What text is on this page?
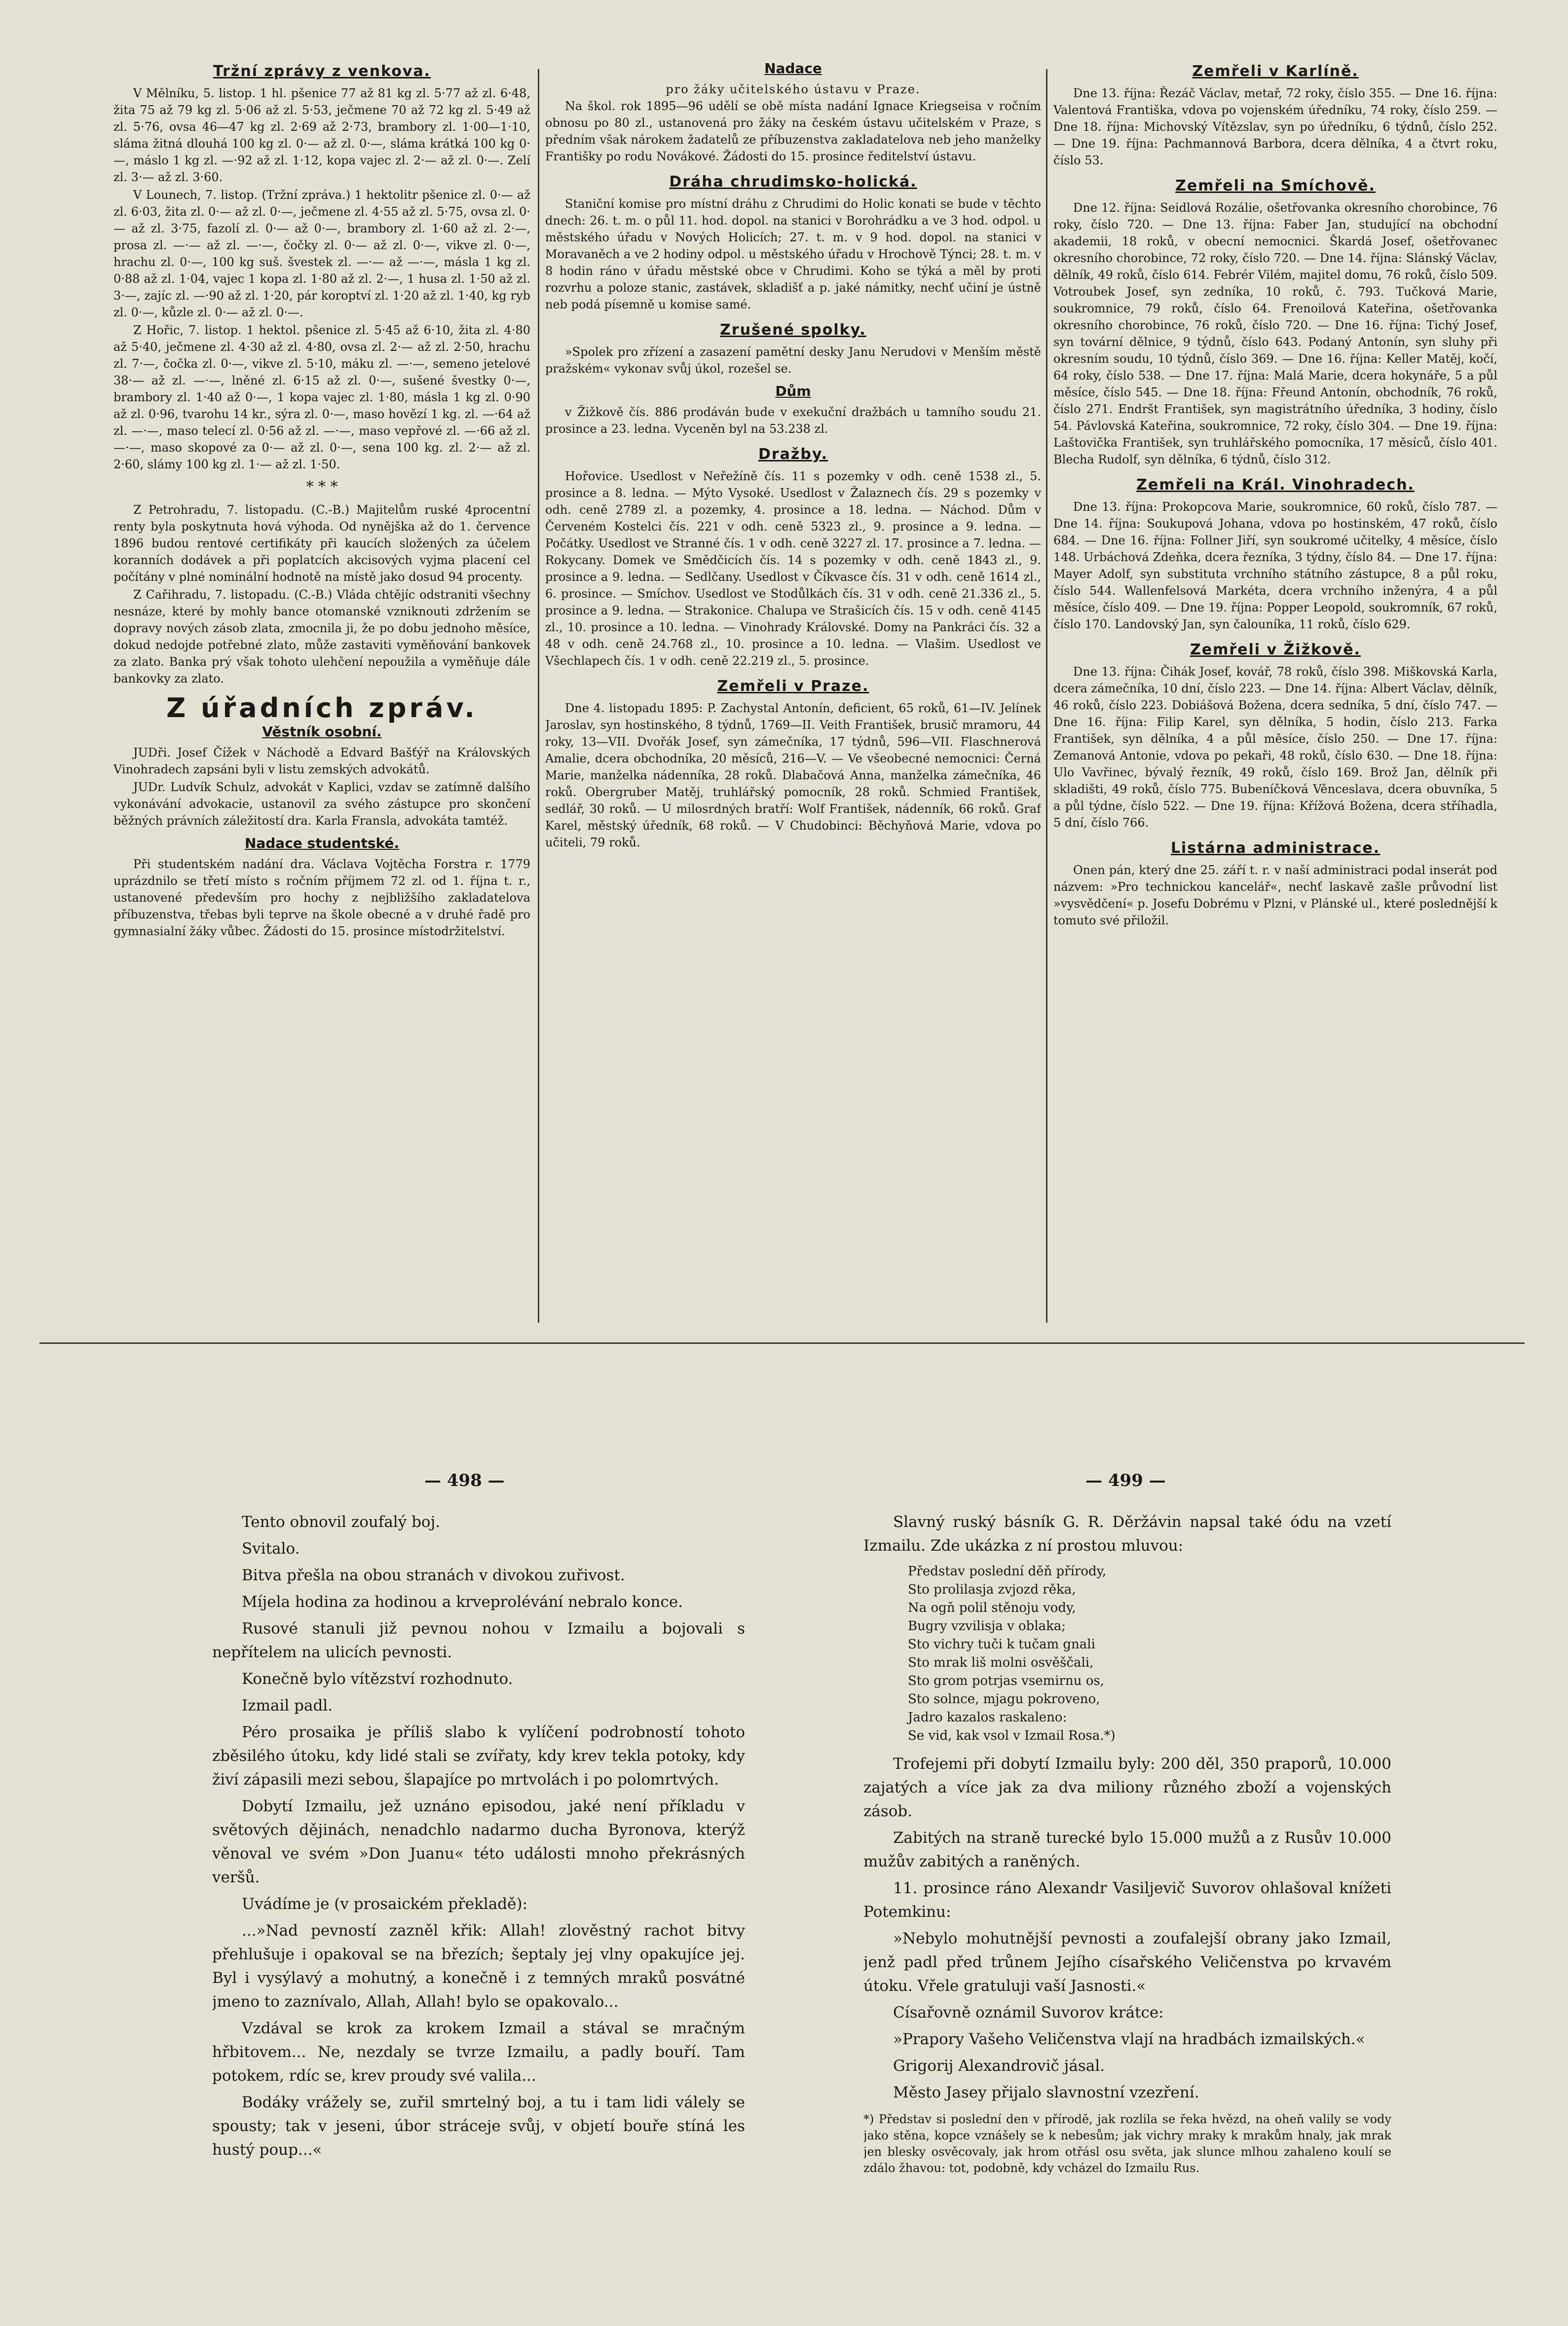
Tržní zprávy z venkova.

V Mělníku, 5. listop. 1 hl. pšenice 77 až 81 kg zl. 5·77 až zl. 6·48, žita 75 až 79 kg zl. 5·06 až zl. 5·53, ječmene 70 až 72 kg zl. 5·49 až zl. 5·76, ovsa 46—47 kg zl. 2·69 až 2·73, brambory zl. 1·00—1·10, sláma žitná dlouhá 100 kg zl. 0·— až zl. 0·—, sláma krátká 100 kg 0·—, máslo 1 kg zl. —·92 až zl. 1·12, kopa vajec zl. 2·— až zl. 0·—. Zelí zl. 3·— až zl. 3·60.

V Lounech, 7. listop. (Tržní zpráva.) 1 hektolitr pšenice zl. 0·— až zl. 6·03, žita zl. 0·— až zl. 0·—, ječmene zl. 4·55 až zl. 5·75, ovsa zl. 0·— až zl. 3·75, fazolí zl. 0·— až 0·—, brambory zl. 1·60 až zl. 2·—, prosa zl. —·— až zl. —·—, čočky zl. 0·— až zl. 0·—, vikve zl. 0·—, hrachu zl. 0·—, 100 kg suš. švestek zl. —·— až —·—, másla 1 kg zl. 0·88 až zl. 1·04, vajec 1 kopa zl. 1·80 až zl. 2·—, 1 husa zl. 1·50 až zl. 3·—, zajíc zl. —·90 až zl. 1·20, pár koroptví zl. 1·20 až zl. 1·40, kg ryb zl. 0·—, kůzle zl. 0·— až zl. 0·—.

Z Hořic, 7. listop. 1 hektol. pšenice zl. 5·45 až 6·10, žita zl. 4·80 až 5·40, ječmene zl. 4·30 až zl. 4·80, ovsa zl. 2·— až zl. 2·50, hrachu zl. 7·—, čočka zl. 0·—, vikve zl. 5·10, máku zl. —·—, semeno jetelové 38·— až zl. —·—, lněné zl. 6·15 až zl. 0·—, sušené švestky 0·—, brambory zl. 1·40 až 0·—, 1 kopa vajec zl. 1·80, másla 1 kg zl. 0·90 až zl. 0·96, tvarohu 14 kr., sýra zl. 0·—, maso hovězí 1 kg. zl. —·64 až zl. —·—, maso telecí zl. 0·56 až zl. —·—, maso vepřové zl. —·66 až zl. —·—, maso skopové za 0·— až zl. 0·—, sena 100 kg. zl. 2·— až zl. 2·60, slámy 100 kg zl. 1·— až zl. 1·50.

* * *

Z Petrohradu, 7. listopadu. (C.-B.) Majitelům ruské 4procentní renty byla poskytnuta hová výhoda. Od nynějška až do 1. července 1896 budou rentové certifikáty při kaucích složených za účelem koranních dodávek a při poplatcích akcisových vyjma placení cel počítány v plné nominální hodnotě na místě jako dosud 94 procenty.

Z Cařihradu, 7. listopadu. (C.-B.) Vláda chtějíc odstraniti všechny nesnáze, které by mohly bance otomanské vzniknouti zdržením se dopravy nových zásob zlata, zmocnila ji, že po dobu jednoho měsíce, dokud nedojde potřebné zlato, může zastaviti vyměňování bankovek za zlato. Banka prý však tohoto ulehčení nepoužila a vyměňuje dále bankovky za zlato.

Z úřadních zpráv.
Věstník osobní.

JUDři. Josef Čížek v Náchodě a Edvard Bašťýř na Královských Vinohradech zapsáni byli v listu zemských advokátů.

JUDr. Ludvík Schulz, advokát v Kaplici, vzdav se zatímně dalšího vykonávání advokacie, ustanovil za svého zástupce pro skončení běžných právních záležitostí dra. Karla Fransla, advokáta tamtéž.

Nadace studentské.

Při studentském nadání dra. Václava Vojtěcha Forstra r. 1779 uprázdnilo se třetí místo s ročním příjmem 72 zl. od 1. října t. r., ustanovené především pro hochy z nejbližšího zakladatelova příbuzenstva, třebas byli teprve na škole obecné a v druhé řadě pro gymnasialní žáky vůbec. Žádosti do 15. prosince místodržitelství.

Nadace
pro žáky učitelského ústavu v Praze.

Na škol. rok 1895—96 udělí se obě místa nadání Ignace Kriegseisa v ročním obnosu po 80 zl., ustanovená pro žáky na českém ústavu učitelském v Praze, s předním však nárokem žadatelů ze příbuzenstva zakladatelova neb jeho manželky Františky po rodu Novákové. Žádosti do 15. prosince ředitelství ústavu.

Dráha chrudimsko-holická.

Staniční komise pro místní dráhu z Chrudimi do Holic konati se bude v těchto dnech: 26. t. m. o půl 11. hod. dopol. na stanici v Borohrádku a ve 3 hod. odpol. u městského úřadu v Nových Holicích; 27. t. m. v 9 hod. dopol. na stanici v Moravaněch a ve 2 hodiny odpol. u městského úřadu v Hrochově Týnci; 28. t. m. v 8 hodin ráno v úřadu městské obce v Chrudimi. Koho se týká a měl by proti rozvrhu a poloze stanic, zastávek, skladišť a p. jaké námitky, nechť učiní je ústně neb podá písemně u komise samé.

Zrušené spolky.

»Spolek pro zřízení a zasazení pamětní desky Janu Nerudovi v Menším městě pražském« vykonav svůj úkol, rozešel se.

Dům

v Žižkově čís. 886 prodáván bude v exekuční dražbách u tamního soudu 21. prosince a 23. ledna. Vyceněn byl na 53.238 zl.

Dražby.

Hořovice. Usedlost v Neřežíně čís. 11 s pozemky v odh. ceně 1538 zl., 5. prosince a 8. ledna. — Mýto Vysoké. Usedlost v Žalaznech čís. 29 s pozemky v odh. ceně 2789 zl. a pozemky, 4. prosince a 18. ledna. — Náchod. Dům v Červeném Kostelci čís. 221 v odh. ceně 5323 zl., 9. prosince a 9. ledna. — Počátky. Usedlost ve Stranné čís. 1 v odh. ceně 3227 zl. 17. prosince a 7. ledna. — Rokycany. Domek ve Smědčicích čís. 14 s pozemky v odh. ceně 1843 zl., 9. prosince a 9. ledna. — Sedlčany. Usedlost v Číkvasce čís. 31 v odh. ceně 1614 zl., 6. prosince. — Smíchov. Usedlost ve Stodůlkách čís. 31 v odh. ceně 21.336 zl., 5. prosince a 9. ledna. — Strakonice. Chalupa ve Strašicích čís. 15 v odh. ceně 4145 zl., 10. prosince a 10. ledna. — Vinohrady Královské. Domy na Pankráci čís. 32 a 48 v odh. ceně 24.768 zl., 10. prosince a 10. ledna. — Vlašim. Usedlost ve Všechlapech čís. 1 v odh. ceně 22.219 zl., 5. prosince.

Zemřeli v Praze.

Dne 4. listopadu 1895: P. Zachystal Antonín, deficient, 65 roků, 61—IV. Jelínek Jaroslav, syn hostinského, 8 týdnů, 1769—II. Veith František, brusič mramoru, 44 roky, 13—VII. Dvořák Josef, syn zámečníka, 17 týdnů, 596—VII. Flaschnerová Amalie, dcera obchodníka, 20 měsíců, 216—V. — Ve všeobecné nemocnici: Černá Marie, manželka nádenníka, 28 roků. Dlabačová Anna, manželka zámečníka, 46 roků. Obergruber Matěj, truhlářský pomocník, 28 roků. Schmied František, sedlář, 30 roků. — U milosrdných bratří: Wolf František, nádenník, 66 roků. Graf Karel, městský úředník, 68 roků. — V Chudobinci: Běchyňová Marie, vdova po učiteli, 79 roků.

Zemřeli v Karlíně.

Dne 13. října: Řezáč Václav, metař, 72 roky, číslo 355. — Dne 16. října: Valentová Františka, vdova po vojenském úředníku, 74 roky, číslo 259. — Dne 18. října: Michovský Vítězslav, syn po úředníku, 6 týdnů, číslo 252. — Dne 19. října: Pachmannová Barbora, dcera dělníka, 4 a čtvrt roku, číslo 53.

Zemřeli na Smíchově.

Dne 12. října: Seidlová Rozálie, ošetřovanka okresního chorobince, 76 roky, číslo 720. — Dne 13. října: Faber Jan, studující na obchodní akademii, 18 roků, v obecní nemocnici. Škardá Josef, ošetřovanec okresního chorobince, 72 roky, číslo 720. — Dne 14. října: Slánský Václav, dělník, 49 roků, číslo 614. Febrér Vilém, majitel domu, 76 roků, číslo 509. Votroubek Josef, syn zedníka, 10 roků, č. 793. Tučková Marie, soukromnice, 79 roků, číslo 64. Frenoilová Kateřina, ošetřovanka okresního chorobince, 76 roků, číslo 720. — Dne 16. října: Tichý Josef, syn tovární dělnice, 9 týdnů, číslo 643. Podaný Antonín, syn sluhy při okresním soudu, 10 týdnů, číslo 369. — Dne 16. října: Keller Matěj, kočí, 64 roky, číslo 538. — Dne 17. října: Malá Marie, dcera hokynáře, 5 a půl měsíce, číslo 545. — Dne 18. října: Fřeund Antonín, obchodník, 76 roků, číslo 271. Endršt František, syn magistrátního úředníka, 3 hodiny, číslo 54. Pávlovská Kateřina, soukromnice, 72 roky, číslo 304. — Dne 19. října: Laštovička František, syn truhlářského pomocníka, 17 měsíců, číslo 401. Blecha Rudolf, syn dělníka, 6 týdnů, číslo 312.

Zemřeli na Král. Vinohradech.

Dne 13. října: Prokopcova Marie, soukromnice, 60 roků, číslo 787. — Dne 14. října: Soukupová Johana, vdova po hostinském, 47 roků, číslo 684. — Dne 16. října: Follner Jiří, syn soukromé učitelky, 4 měsíce, číslo 148. Urbáchová Zdeňka, dcera řezníka, 3 týdny, číslo 84. — Dne 17. října: Mayer Adolf, syn substituta vrchního státního zástupce, 8 a půl roku, číslo 544. Wallenfelsová Markéta, dcera vrchního inženýra, 4 a půl měsíce, číslo 409. — Dne 19. října: Popper Leopold, soukromník, 67 roků, číslo 170. Landovský Jan, syn čalouníka, 11 roků, číslo 629.

Zemřeli v Žižkově.

Dne 13. října: Čihák Josef, kovář, 78 roků, číslo 398. Miškovská Karla, dcera zámečníka, 10 dní, číslo 223. — Dne 14. října: Albert Václav, dělník, 46 roků, číslo 223. Dobiášová Božena, dcera sedníka, 5 dní, číslo 747. — Dne 16. října: Filip Karel, syn dělníka, 5 hodin, číslo 213. Farka František, syn dělníka, 4 a půl měsíce, číslo 250. — Dne 17. října: Zemanová Antonie, vdova po pekaři, 48 roků, číslo 630. — Dne 18. října: Ulo Vavřinec, bývalý řezník, 49 roků, číslo 169. Brož Jan, dělník při skladišti, 49 roků, číslo 775. Bubeníčková Věnceslava, dcera obuvníka, 5 a půl týdne, číslo 522. — Dne 19. října: Křížová Božena, dcera stříhadla, 5 dní, číslo 766.

Listárna administrace.

Onen pán, který dne 25. září t. r. v naší administraci podal inserát pod názvem: »Pro technickou kancelář«, nechť laskavě zašle průvodní list »vysvědčení« p. Josefu Dobrému v Plzni, v Plánské ul., které poslednější k tomuto své přiložil.

— 498 —	— 499 —

Tento obnovil zoufalý boj.

Svitalo.

Bitva přešla na obou stranách v divokou zuřivost.

Míjela hodina za hodinou a krveprolévání nebralo konce.

Rusové stanuli již pevnou nohou v Izmailu a bojovali s nepřítelem na ulicích pevnosti.

Konečně bylo vítězství rozhodnuto.

Izmail padl.

Péro prosaika je příliš slabo k vylíčení podrobností tohoto zběsilého útoku, kdy lidé stali se zvířaty, kdy krev tekla potoky, kdy živí zápasili mezi sebou, šlapajíce po mrtvolách i po polomrtvých.

Dobytí Izmailu, jež uznáno episodou, jaké není příkladu v světových dějinách, nenadchlo nadarmo ducha Byronova, kterýž věnoval ve svém »Don Juanu« této události mnoho překrásných veršů.

Uvádíme je (v prosaickém překladě):

...»Nad pevností zazněl křik: Allah! zlověstný rachot bitvy přehlušuje i opakoval se na březích; šeptaly jej vlny opakujíce jej. Byl i vysýlavý a mohutný, a konečně i z temných mraků posvátné jmeno to zaznívalo, Allah, Allah! bylo se opakovalo...

Vzdával se krok za krokem Izmail a stával se mračným hřbitovem... Ne, nezdaly se tvrze Izmailu, a padly bouří. Tam potokem, rdíc se, krev proudy své valila...

Bodáky vrážely se, zuřil smrtelný boj, a tu i tam lidi válely se spousty; tak v jeseni, úbor stráceje svůj, v objetí bouře stíná les hustý poup...«

Slavný ruský básník G. R. Děržávin napsal také ódu na vzetí Izmailu. Zde ukázka z ní prostou mluvou:

Představ poslední děň přírody,
Sto prolilasja zvjozd rěka,
Na ogň polil stěnoju vody,
Bugry vzvilisja v oblaka;
Sto vichry tuči k tučam gnali
Sto mrak liš molni osvěščali,
Sto grom potrjas vsemirnu os,
Sto solnce, mjagu pokroveno,
Jadro kazalos raskaleno:
Se vid, kak vsol v Izmail Rosa.*)

Trofejemi při dobytí Izmailu byly: 200 děl, 350 praporů, 10.000 zajatých a více jak za dva miliony různého zboží a vojenských zásob.

Zabitých na straně turecké bylo 15.000 mužů a z Rusův 10.000 mužův zabitých a raněných.

11. prosince ráno Alexandr Vasiljevič Suvorov ohlašoval knížeti Potemkinu:

»Nebylo mohutnější pevnosti a zoufalejší obrany jako Izmail, jenž padl před trůnem Jejího císařského Veličenstva po krvavém útoku. Vřele gratuluji vaší Jasnosti.«

Císařovně oznámil Suvorov krátce:

»Prapory Vašeho Veličenstva vlají na hradbách izmailských.«

Grigorij Alexandrovič jásal.

Město Jasey přijalo slavnostní vzezření.

*) Představ si poslední den v přírodě, jak rozlila se řeka hvězd, na oheň valily se vody jako stěna, kopce vznášely se k nebesům; jak vichry mraky k mrakům hnaly, jak mrak jen blesky osvěcovaly, jak hrom otřásl osu světa, jak slunce mlhou zahaleno koulí se zdálo žhavou: tot, podobně, kdy vcházel do Izmailu Rus.
